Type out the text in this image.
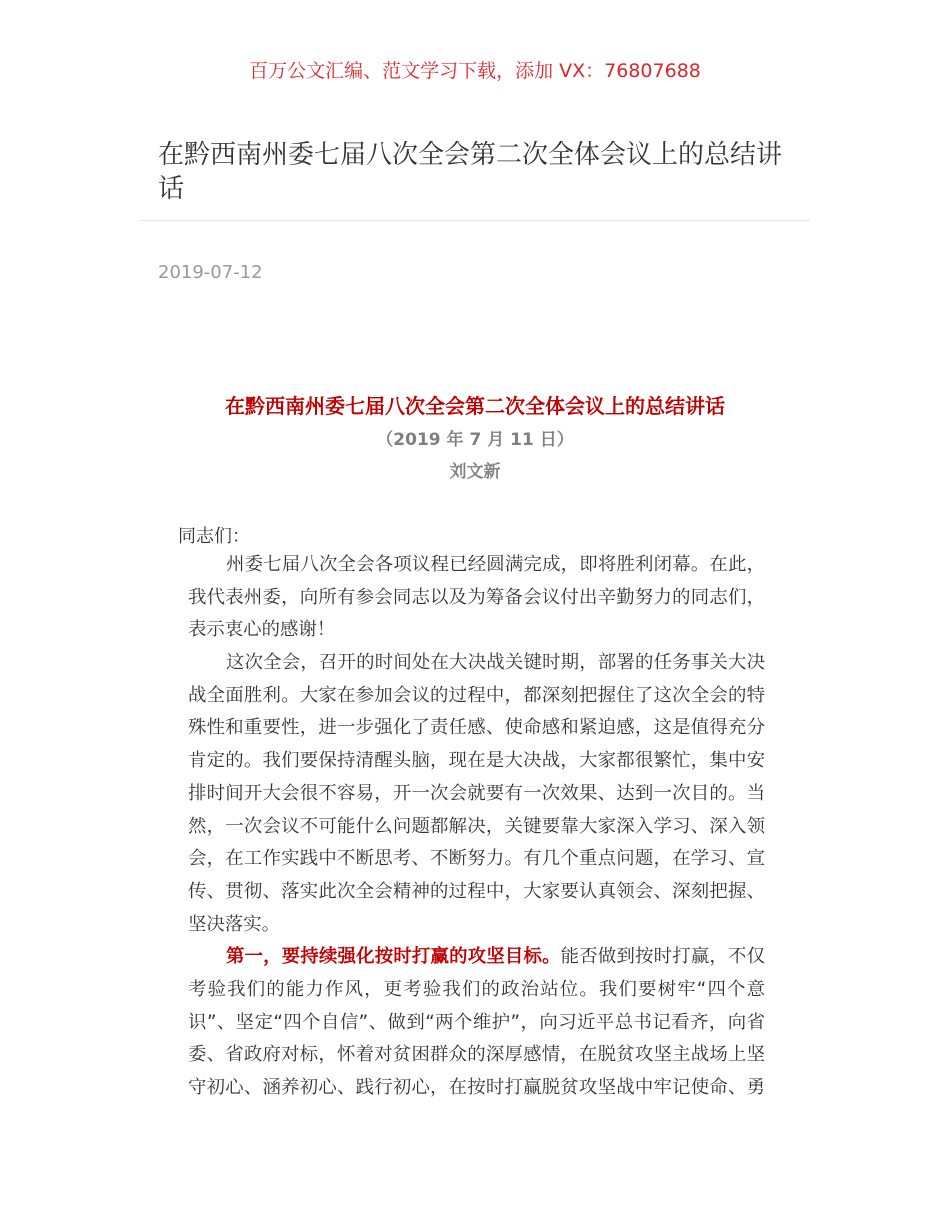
百万公文汇编、范文学习下载，添加 VX：76807688
在黔西南州委七届八次全会第二次全体会议上的总结讲
话
2019-07-12
在黔西南州委七届八次全会第二次全体会议上的总结讲话
（2019 年 7 月 11 日）
刘文新
同志们：
州委七届八次全会各项议程已经圆满完成，即将胜利闭幕。在此，
我代表州委，向所有参会同志以及为筹备会议付出辛勤努力的同志们，
表示衷心的感谢！
这次全会，召开的时间处在大决战关键时期，部署的任务事关大决
战全面胜利。大家在参加会议的过程中，都深刻把握住了这次全会的特
殊性和重要性，进一步强化了责任感、使命感和紧迫感，这是值得充分
肯定的。我们要保持清醒头脑，现在是大决战，大家都很繁忙，集中安
排时间开大会很不容易，开一次会就要有一次效果、达到一次目的。当
然，一次会议不可能什么问题都解决，关键要靠大家深入学习、深入领
会，在工作实践中不断思考、不断努力。有几个重点问题，在学习、宣
传、贯彻、落实此次全会精神的过程中，大家要认真领会、深刻把握、
坚决落实。
第一，要持续强化按时打赢的攻坚目标。能否做到按时打赢，不仅
考验我们的能力作风，更考验我们的政治站位。我们要树牢“四个意
识”、坚定“四个自信”、做到“两个维护”，向习近平总书记看齐，向省
委、省政府对标，怀着对贫困群众的深厚感情，在脱贫攻坚主战场上坚
守初心、涵养初心、践行初心，在按时打赢脱贫攻坚战中牢记使命、勇
